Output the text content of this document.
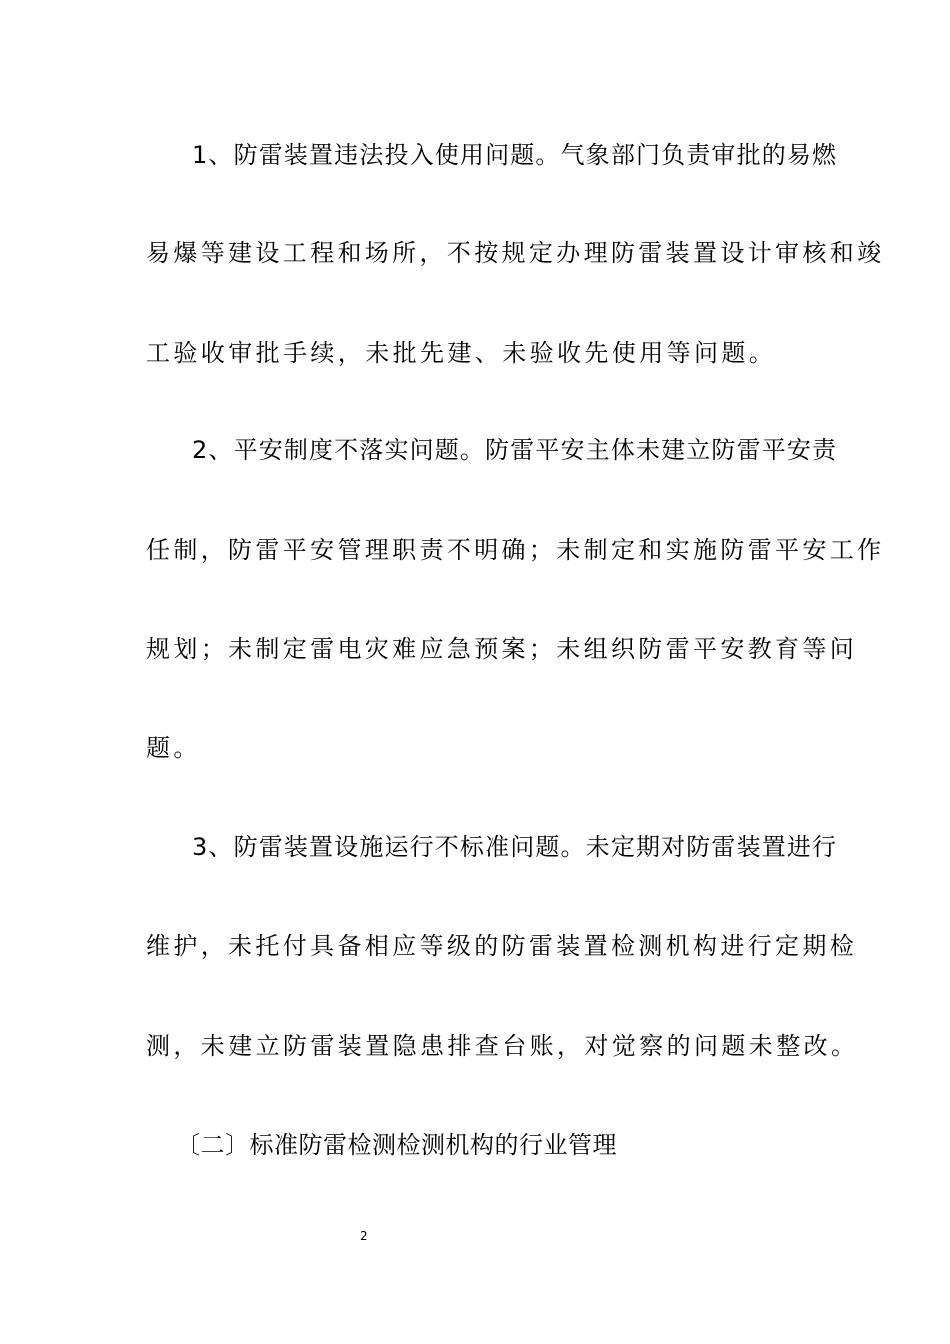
1、防雷装置违法投入使用问题。气象部门负责审批的易燃

易爆等建设工程和场所，不按规定办理防雷装置设计审核和竣

工验收审批手续，未批先建、未验收先使用等问题。

2、平安制度不落实问题。防雷平安主体未建立防雷平安责

任制，防雷平安管理职责不明确；未制定和实施防雷平安工作

规划；未制定雷电灾难应急预案；未组织防雷平安教育等问

题。

3、防雷装置设施运行不标准问题。未定期对防雷装置进行

维护，未托付具备相应等级的防雷装置检测机构进行定期检

测，未建立防雷装置隐患排查台账，对觉察的问题未整改。

〔二〕标准防雷检测检测机构的行业管理

2
